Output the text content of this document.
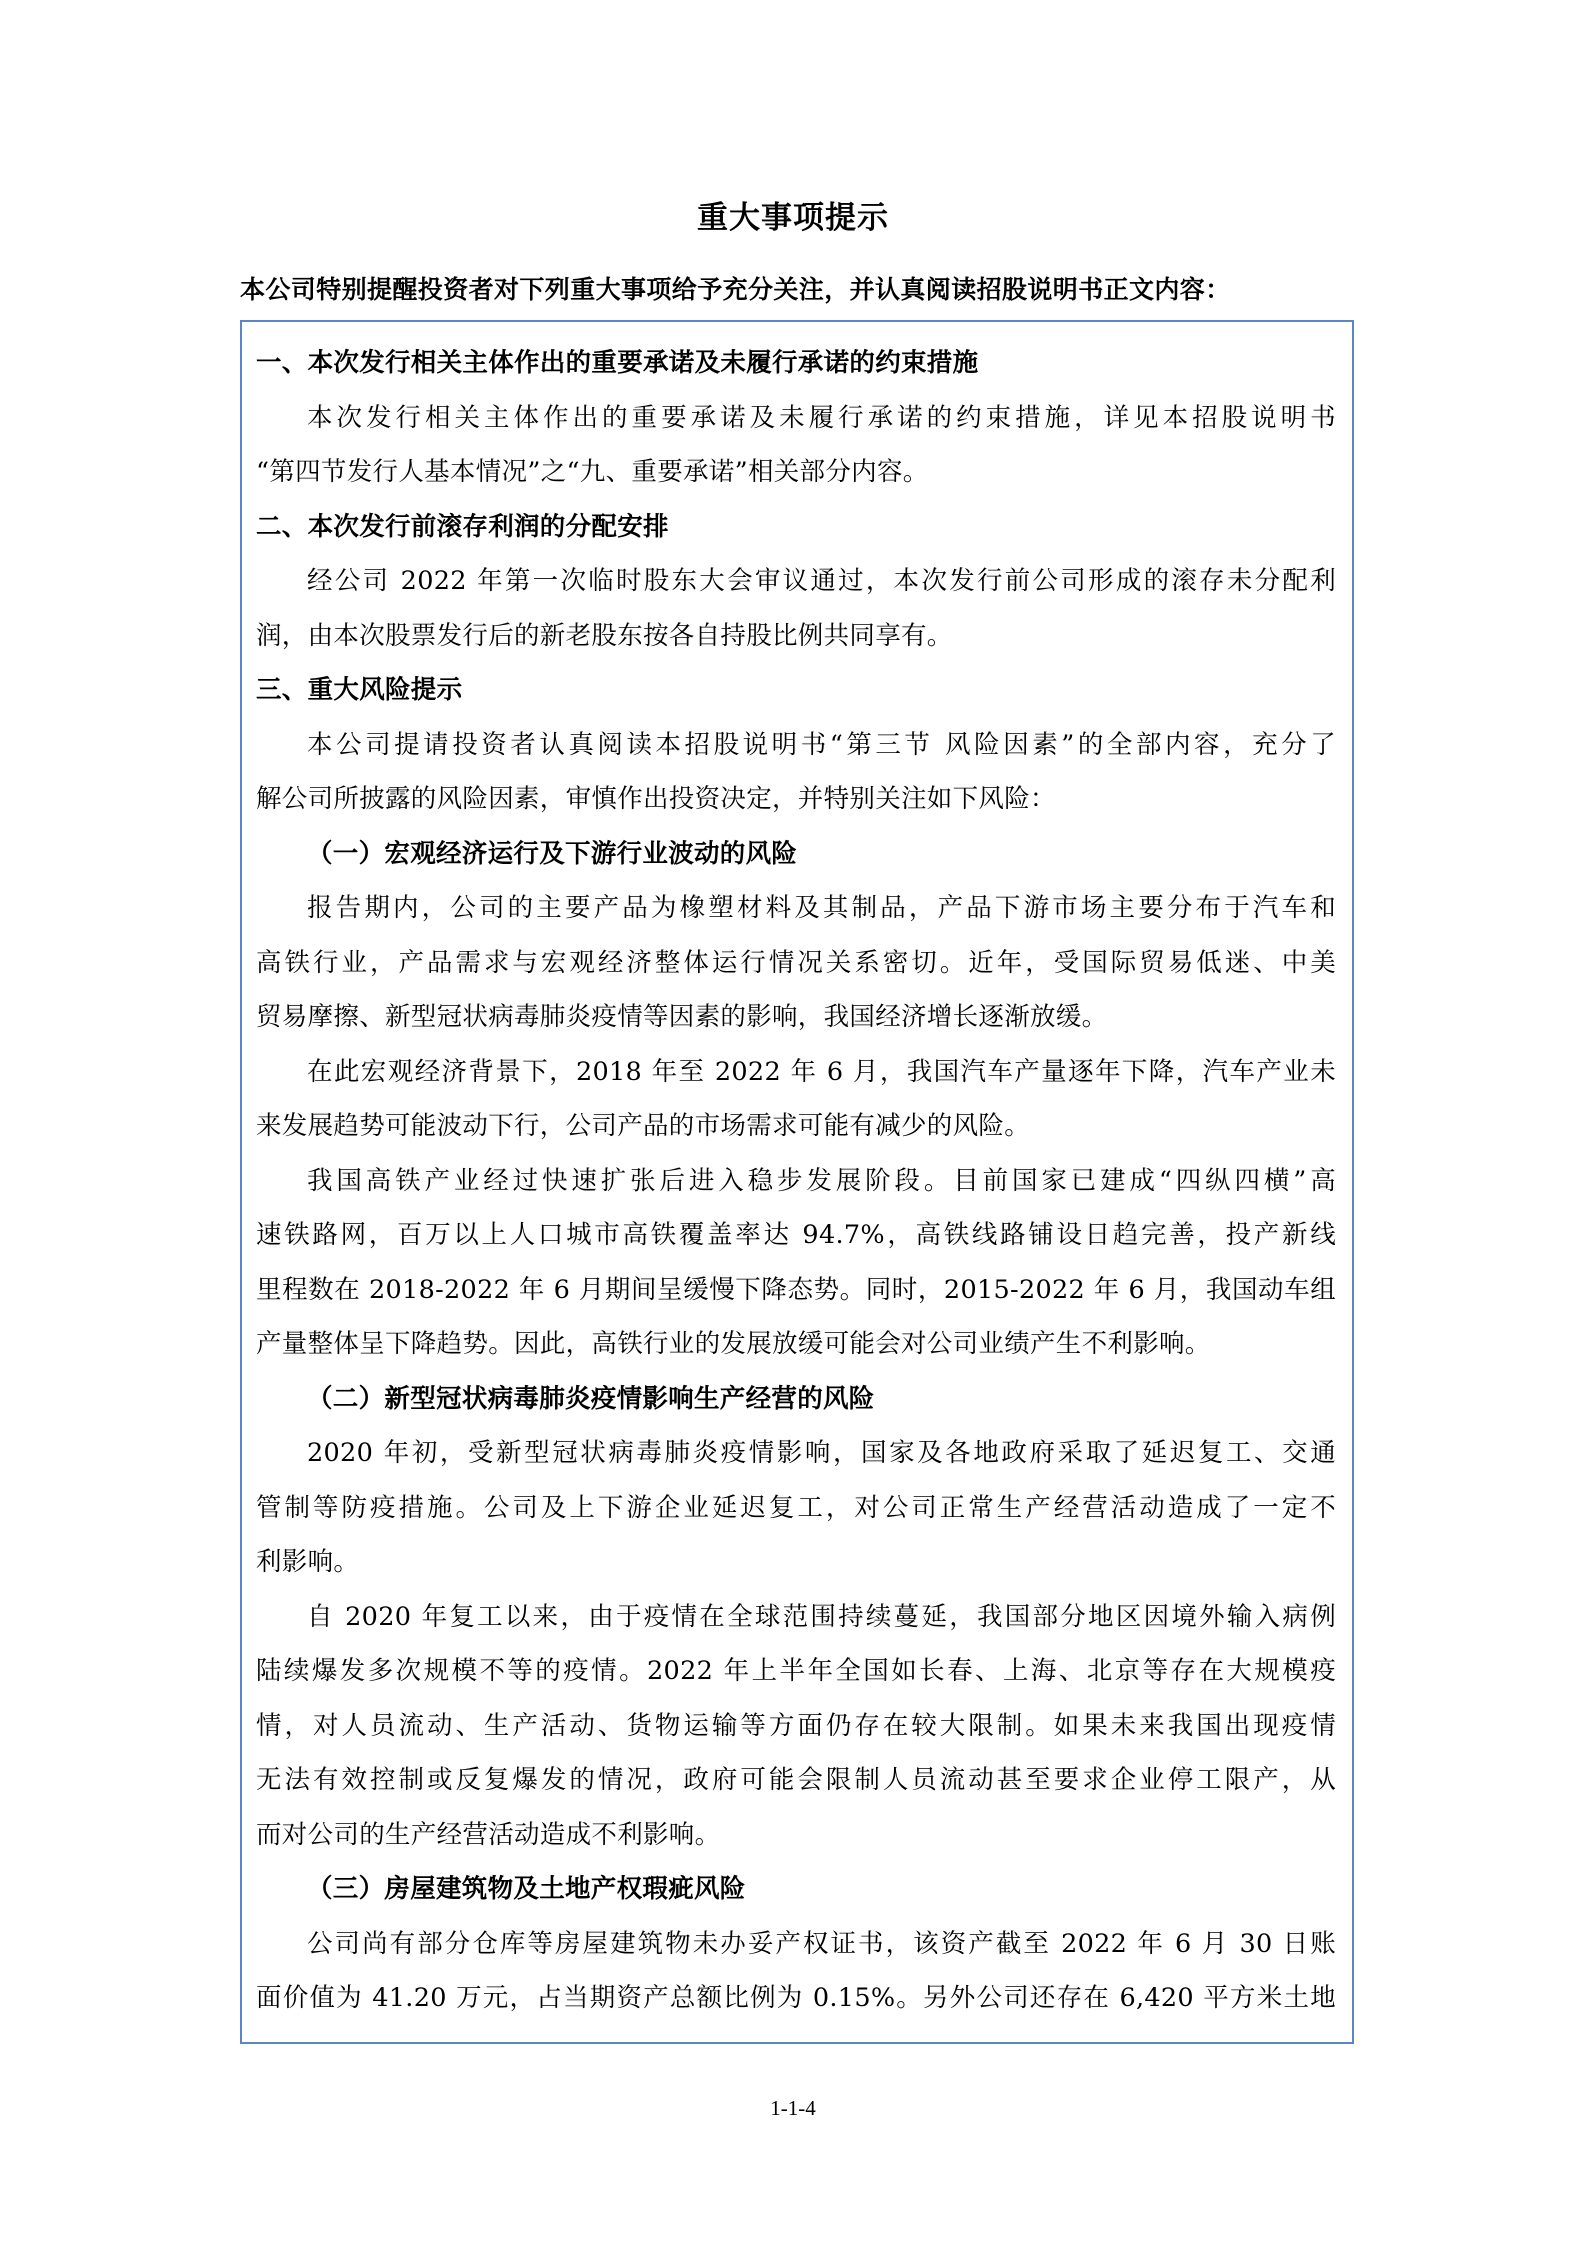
重大事项提示
本公司特别提醒投资者对下列重大事项给予充分关注，并认真阅读招股说明书正文内容：
一、本次发行相关主体作出的重要承诺及未履行承诺的约束措施
本次发行相关主体作出的重要承诺及未履行承诺的约束措施，详见本招股说明书
“第四节发行人基本情况”之“九、重要承诺”相关部分内容。
二、本次发行前滚存利润的分配安排
经公司 2022 年第一次临时股东大会审议通过，本次发行前公司形成的滚存未分配利
润，由本次股票发行后的新老股东按各自持股比例共同享有。
三、重大风险提示
本公司提请投资者认真阅读本招股说明书“第三节 风险因素”的全部内容，充分了
解公司所披露的风险因素，审慎作出投资决定，并特别关注如下风险：
（一）宏观经济运行及下游行业波动的风险
报告期内，公司的主要产品为橡塑材料及其制品，产品下游市场主要分布于汽车和
高铁行业，产品需求与宏观经济整体运行情况关系密切。近年，受国际贸易低迷、中美
贸易摩擦、新型冠状病毒肺炎疫情等因素的影响，我国经济增长逐渐放缓。
在此宏观经济背景下，2018 年至 2022 年 6 月，我国汽车产量逐年下降，汽车产业未
来发展趋势可能波动下行，公司产品的市场需求可能有减少的风险。
我国高铁产业经过快速扩张后进入稳步发展阶段。目前国家已建成“四纵四横”高
速铁路网，百万以上人口城市高铁覆盖率达 94.7%，高铁线路铺设日趋完善，投产新线
里程数在 2018-2022 年 6 月期间呈缓慢下降态势。同时，2015-2022 年 6 月，我国动车组
产量整体呈下降趋势。因此，高铁行业的发展放缓可能会对公司业绩产生不利影响。
（二）新型冠状病毒肺炎疫情影响生产经营的风险
2020 年初，受新型冠状病毒肺炎疫情影响，国家及各地政府采取了延迟复工、交通
管制等防疫措施。公司及上下游企业延迟复工，对公司正常生产经营活动造成了一定不
利影响。
自 2020 年复工以来，由于疫情在全球范围持续蔓延，我国部分地区因境外输入病例
陆续爆发多次规模不等的疫情。2022 年上半年全国如长春、上海、北京等存在大规模疫
情，对人员流动、生产活动、货物运输等方面仍存在较大限制。如果未来我国出现疫情
无法有效控制或反复爆发的情况，政府可能会限制人员流动甚至要求企业停工限产，从
而对公司的生产经营活动造成不利影响。
（三）房屋建筑物及土地产权瑕疵风险
公司尚有部分仓库等房屋建筑物未办妥产权证书，该资产截至 2022 年 6 月 30 日账
面价值为 41.20 万元，占当期资产总额比例为 0.15%。另外公司还存在 6,420 平方米土地
1-1-4
